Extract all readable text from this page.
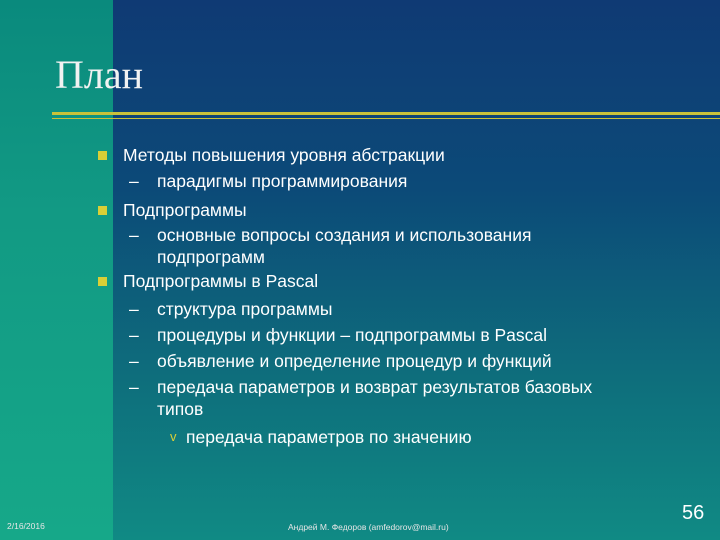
План
Методы повышения уровня абстракции
– парадигмы программирования
Подпрограммы
– основные вопросы создания и использования
подпрограмм
Подпрограммы в Pascal
– структура программы
– процедуры и функции – подпрограммы в Pascal
– объявление и определение процедур и функций
– передача параметров и возврат результатов базовых
типов
v передача параметров по значению
2/16/2016	Андрей М. Федоров (amfedorov@mail.ru)
56
